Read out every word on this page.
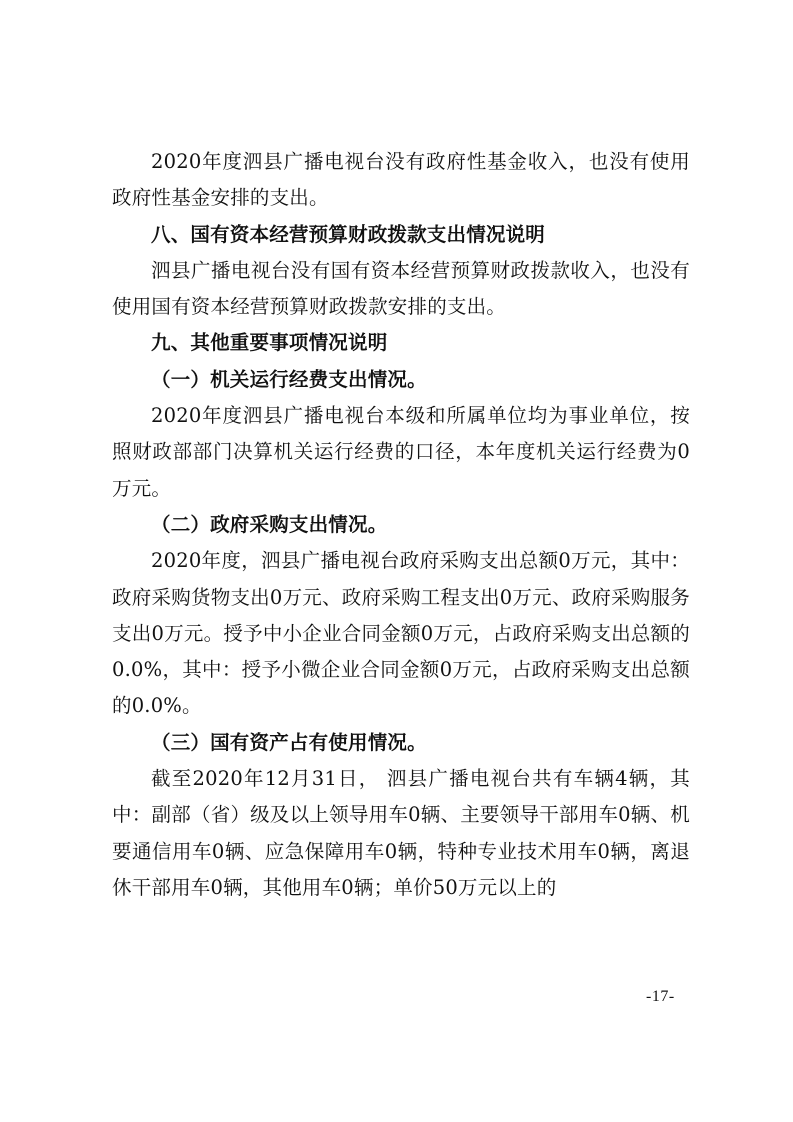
2020年度泗县广播电视台没有政府性基金收入，也没有使用政府性基金安排的支出。

八、国有资本经营预算财政拨款支出情况说明

泗县广播电视台没有国有资本经营预算财政拨款收入，也没有使用国有资本经营预算财政拨款安排的支出。

九、其他重要事项情况说明

（一）机关运行经费支出情况。

2020年度泗县广播电视台本级和所属单位均为事业单位，按照财政部部门决算机关运行经费的口径，本年度机关运行经费为0万元。

（二）政府采购支出情况。

2020年度，泗县广播电视台政府采购支出总额0万元，其中：政府采购货物支出0万元、政府采购工程支出0万元、政府采购服务支出0万元。授予中小企业合同金额0万元，占政府采购支出总额的0.0%，其中：授予小微企业合同金额0万元，占政府采购支出总额的0.0%。

（三）国有资产占有使用情况。

截至2020年12月31日， 泗县广播电视台共有车辆4辆，其中：副部（省）级及以上领导用车0辆、主要领导干部用车0辆、机要通信用车0辆、应急保障用车0辆，特种专业技术用车0辆，离退休干部用车0辆，其他用车0辆；单价50万元以上的

-17-
